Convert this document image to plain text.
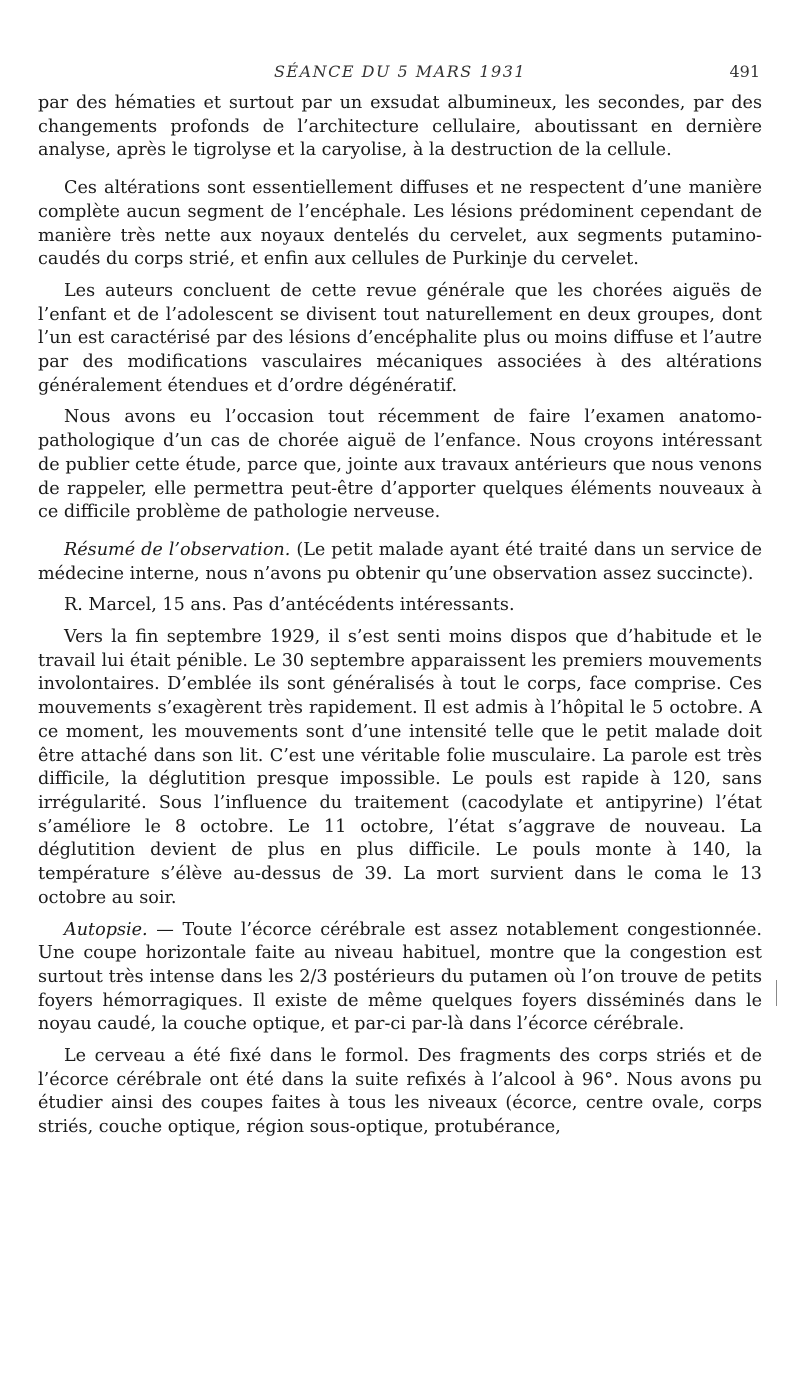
SÉANCE DU 5 MARS 1931	491

par des hématies et surtout par un exsudat albumineux, les secondes, par des changements profonds de l’architecture cellulaire, aboutissant en dernière analyse, après le tigrolyse et la caryolise, à la destruction de la cellule.

Ces altérations sont essentiellement diffuses et ne respectent d’une manière complète aucun segment de l’encéphale. Les lésions prédominent cependant de manière très nette aux noyaux dentelés du cervelet, aux segments putamino-caudés du corps strié, et enfin aux cellules de Purkinje du cervelet.

Les auteurs concluent de cette revue générale que les chorées aiguës de l’enfant et de l’adolescent se divisent tout naturellement en deux groupes, dont l’un est caractérisé par des lésions d’encéphalite plus ou moins diffuse et l’autre par des modifications vasculaires mécaniques associées à des altérations généralement étendues et d’ordre dégénératif.

Nous avons eu l’occasion tout récemment de faire l’examen anatomo-pathologique d’un cas de chorée aiguë de l’enfance. Nous croyons intéressant de publier cette étude, parce que, jointe aux travaux antérieurs que nous venons de rappeler, elle permettra peut-être d’apporter quelques éléments nouveaux à ce difficile problème de pathologie nerveuse.

Résumé de l’observation. (Le petit malade ayant été traité dans un service de médecine interne, nous n’avons pu obtenir qu’une observation assez succincte).

R. Marcel, 15 ans. Pas d’antécédents intéressants.

Vers la fin septembre 1929, il s’est senti moins dispos que d’habitude et le travail lui était pénible. Le 30 septembre apparaissent les premiers mouvements involontaires. D’emblée ils sont généralisés à tout le corps, face comprise. Ces mouvements s’exagèrent très rapidement. Il est admis à l’hôpital le 5 octobre. A ce moment, les mouvements sont d’une intensité telle que le petit malade doit être attaché dans son lit. C’est une véritable folie musculaire. La parole est très difficile, la déglutition presque impossible. Le pouls est rapide à 120, sans irrégularité. Sous l’influence du traitement (cacodylate et antipyrine) l’état s’améliore le 8 octobre. Le 11 octobre, l’état s’aggrave de nouveau. La déglutition devient de plus en plus difficile. Le pouls monte à 140, la température s’élève au-dessus de 39. La mort survient dans le coma le 13 octobre au soir.

Autopsie. — Toute l’écorce cérébrale est assez notablement congestionnée. Une coupe horizontale faite au niveau habituel, montre que la congestion est surtout très intense dans les 2/3 postérieurs du putamen où l’on trouve de petits foyers hémorragiques. Il existe de même quelques foyers disséminés dans le noyau caudé, la couche optique, et par-ci par-là dans l’écorce cérébrale.

Le cerveau a été fixé dans le formol. Des fragments des corps striés et de l’écorce cérébrale ont été dans la suite refixés à l’alcool à 96°. Nous avons pu étudier ainsi des coupes faites à tous les niveaux (écorce, centre ovale, corps striés, couche optique, région sous-optique, protubérance,
